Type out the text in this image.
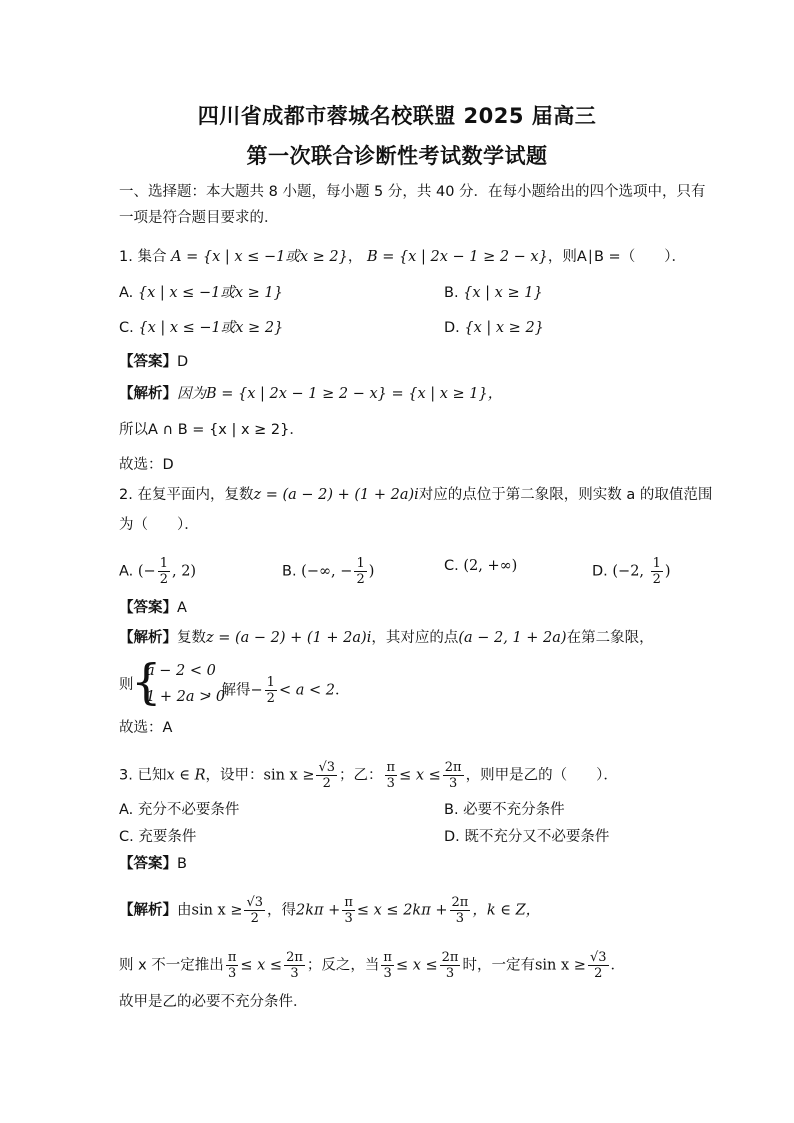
四川省成都市蓉城名校联盟 2025 届高三
第一次联合诊断性考试数学试题
一、选择题：本大题共 8 小题，每小题 5 分，共 40 分．在每小题给出的四个选项中，只有
一项是符合题目要求的．
1. 集合 A = {x | x ≤ −1或x ≥ 2}， B = {x | 2x − 1 ≥ 2 − x}，则A∣B =（　　）．
A. {x | x ≤ −1或x ≥ 1}	B. {x | x ≥ 1}
C. {x | x ≤ −1或x ≥ 2}	D. {x | x ≥ 2}
【答案】D
【解析】因为B = {x | 2x − 1 ≥ 2 − x} = {x | x ≥ 1}，
所以A ∩ B = {x | x ≥ 2}．
故选：D
2. 在复平面内，复数z = (a − 2) + (1 + 2a)i对应的点位于第二象限，则实数 a 的取值范围
为（　　）．
A. (− $\frac{1}{2}$ , 2)	B. (−∞, − $\frac{1}{2}$ )	C. (2, +∞)	D. (−2, $\frac{1}{2}$ )
【答案】A
【解析】复数z = (a − 2) + (1 + 2a)i，其对应的点(a − 2, 1 + 2a)在第二象限，
则
{
a − 2 < 0
1 + 2a > 0
，解得− $\frac{1}{2} < a < 2$．
故选：A
3. 已知x ∈ R，设甲：$\sin x \ge \frac{√3}{2}$ ；乙： $\frac{\pi}{3} \le x \le \frac{2\pi}{3}$ ，则甲是乙的（　　）．
A. 充分不必要条件	B. 必要不充分条件
C. 充要条件	D. 既不充分又不必要条件
【答案】B
【解析】由$\sin x \ge \frac{√3}{2}$ ，得$2k\pi + \frac{\pi}{3} \le x \le 2k\pi + \frac{2\pi}{3}$ ，k ∈ Z，
则 x 不一定推出 $\frac{\pi}{3} \le x \le \frac{2\pi}{3}$ ；反之，当 $\frac{\pi}{3} \le x \le \frac{2\pi}{3}$ 时，一定有$\sin x \ge \frac{√3}{2}$ ．
故甲是乙的必要不充分条件．
